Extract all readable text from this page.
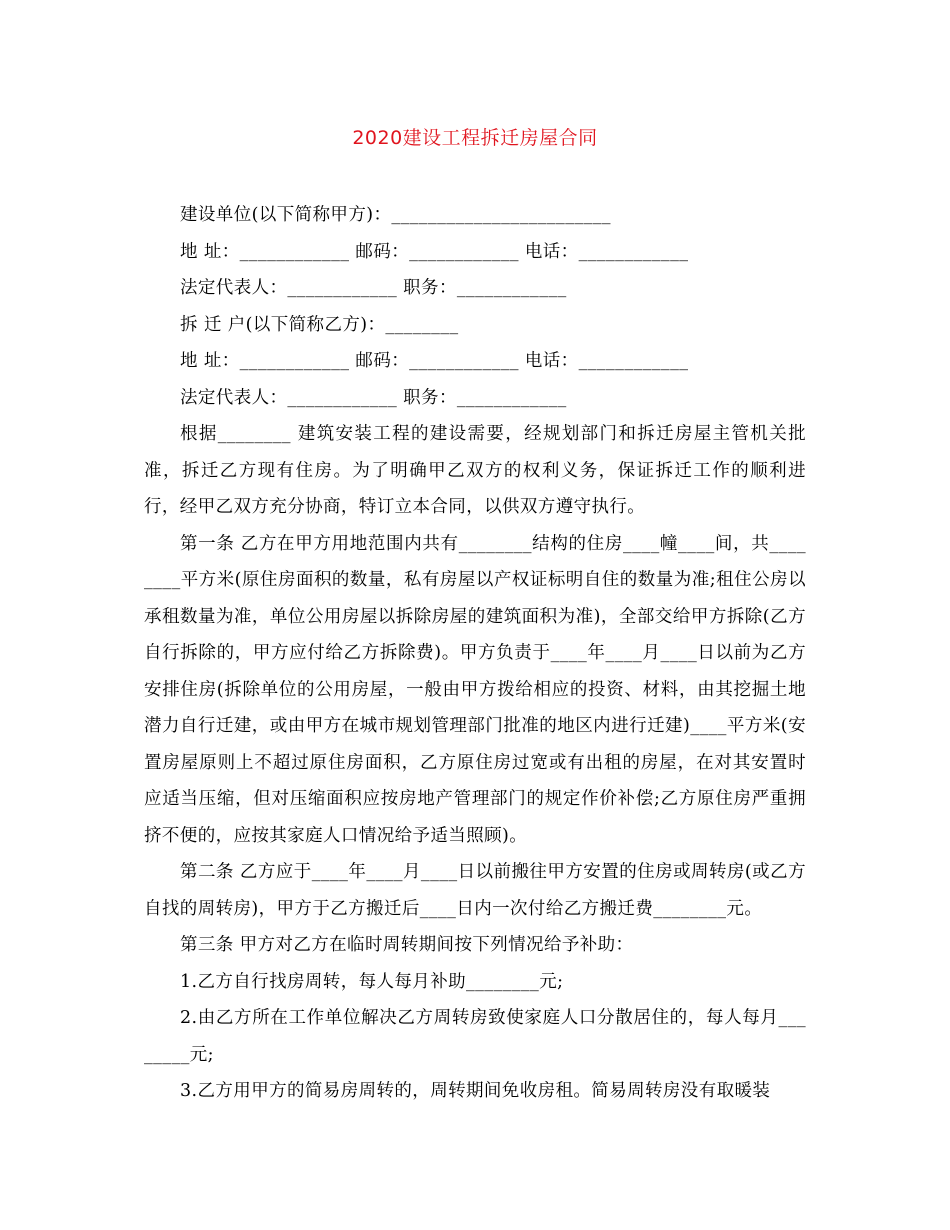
2020建设工程拆迁房屋合同

建设单位(以下简称甲方)：________________________

地 址：____________ 邮码：____________ 电话：____________

法定代表人：____________ 职务：____________

拆 迁 户(以下简称乙方)：________

地 址：____________ 邮码：____________ 电话：____________

法定代表人：____________ 职务：____________

根据________ 建筑安装工程的建设需要，经规划部门和拆迁房屋主管机关批准，拆迁乙方现有住房。为了明确甲乙双方的权利义务，保证拆迁工作的顺利进行，经甲乙双方充分协商，特订立本合同，以供双方遵守执行。

第一条 乙方在甲方用地范围内共有________结构的住房____幢____间，共________平方米(原住房面积的数量，私有房屋以产权证标明自住的数量为准;租住公房以承租数量为准，单位公用房屋以拆除房屋的建筑面积为准)，全部交给甲方拆除(乙方自行拆除的，甲方应付给乙方拆除费)。甲方负责于____年____月____日以前为乙方安排住房(拆除单位的公用房屋，一般由甲方拨给相应的投资、材料，由其挖掘土地潜力自行迁建，或由甲方在城市规划管理部门批准的地区内进行迁建)____平方米(安置房屋原则上不超过原住房面积，乙方原住房过宽或有出租的房屋，在对其安置时应适当压缩，但对压缩面积应按房地产管理部门的规定作价补偿;乙方原住房严重拥挤不便的，应按其家庭人口情况给予适当照顾)。

第二条 乙方应于____年____月____日以前搬往甲方安置的住房或周转房(或乙方自找的周转房)，甲方于乙方搬迁后____日内一次付给乙方搬迁费________元。

第三条 甲方对乙方在临时周转期间按下列情况给予补助：

1.乙方自行找房周转，每人每月补助________元;

2.由乙方所在工作单位解决乙方周转房致使家庭人口分散居住的，每人每月________元;

3.乙方用甲方的简易房周转的，周转期间免收房租。简易周转房没有取暖装
